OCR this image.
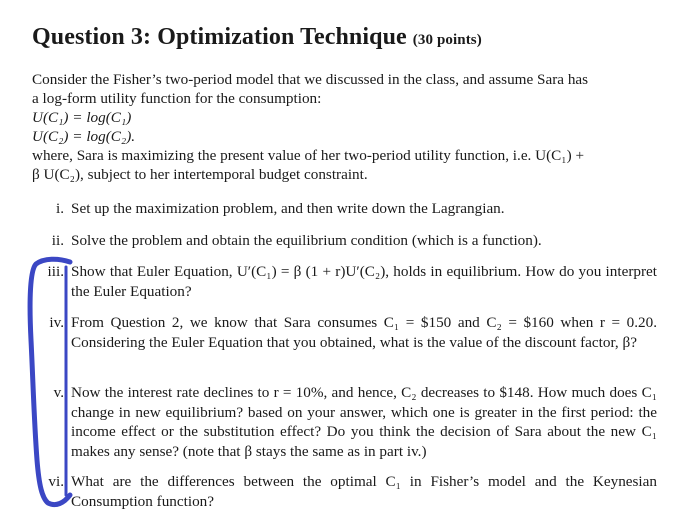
Question 3: Optimization Technique (30 points)
Consider the Fisher’s two-period model that we discussed in the class, and assume Sara has
a log-form utility function for the consumption:
U(C₁) = log(C₁)
U(C₂) = log(C₂).
where, Sara is maximizing the present value of her two-period utility function, i.e. U(C₁) +
β U(C₂), subject to her intertemporal budget constraint.
i. Set up the maximization problem, and then write down the Lagrangian.
ii. Solve the problem and obtain the equilibrium condition (which is a function).
iii. Show that Euler Equation, U′(C₁) = β (1 + r)U′(C₂), holds in equilibrium. How do you interpret the Euler Equation?
iv. From Question 2, we know that Sara consumes C₁ = $150 and C₂ = $160 when r = 0.20. Considering the Euler Equation that you obtained, what is the value of the discount factor, β?
v. Now the interest rate declines to r = 10%, and hence, C₂ decreases to $148. How much does C₁ change in new equilibrium? based on your answer, which one is greater in the first period: the income effect or the substitution effect? Do you think the decision of Sara about the new C₁ makes any sense? (note that β stays the same as in part iv.)
vi. What are the differences between the optimal C₁ in Fisher’s model and the Keynesian Consumption function?
